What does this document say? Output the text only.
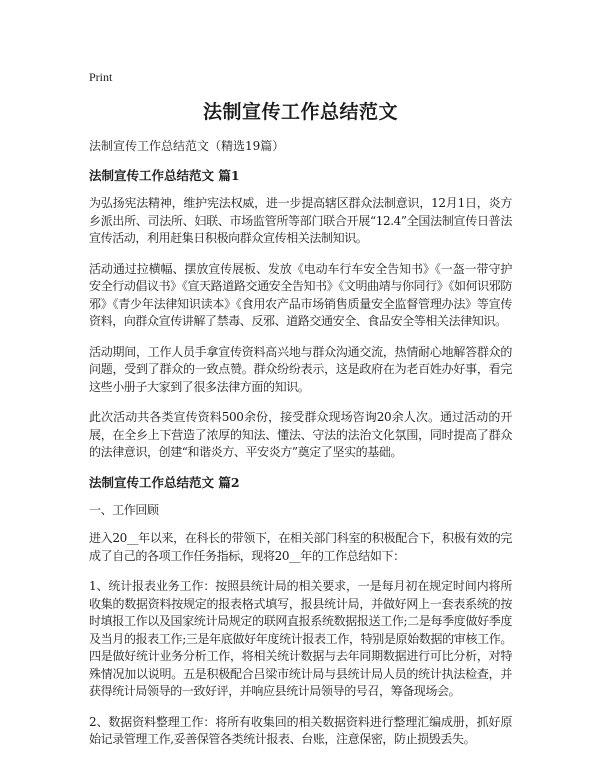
Print
法制宣传工作总结范文
法制宣传工作总结范文（精选19篇）
法制宣传工作总结范文 篇1

为弘扬宪法精神，维护宪法权威，进一步提高辖区群众法制意识，12月1日，炎方乡派出所、司法所、妇联、市场监管所等部门联合开展“12.4”全国法制宣传日普法宣传活动，利用赶集日积极向群众宣传相关法制知识。

活动通过拉横幅、摆放宣传展板、发放《电动车行车安全告知书》《一盔一带守护安全行动倡议书》《宣天路道路交通安全告知书》《文明曲靖与你同行》《如何识邪防邪》《青少年法律知识读本》《食用农产品市场销售质量安全监督管理办法》等宣传资料，向群众宣传讲解了禁毒、反邪、道路交通安全、食品安全等相关法律知识。

活动期间，工作人员手拿宣传资料高兴地与群众沟通交流，热情耐心地解答群众的问题，受到了群众的一致点赞。群众纷纷表示，这是政府在为老百姓办好事，看完这些小册子大家到了很多法律方面的知识。

此次活动共各类宣传资料500余份，接受群众现场咨询20余人次。通过活动的开展，在全乡上下营造了浓厚的知法、懂法、守法的法治文化氛围，同时提高了群众的法律意识，创建“和谐炎方、平安炎方”奠定了坚实的基础。

法制宣传工作总结范文 篇2

一、工作回顾

进入20__年以来，在科长的带领下，在相关部门科室的积极配合下，积极有效的完成了自己的各项工作任务指标，现将20__年的工作总结如下：

1、统计报表业务工作：按照县统计局的相关要求，一是每月初在规定时间内将所收集的数据资料按规定的报表格式填写，报县统计局，并做好网上一套表系统的按时填报工作以及国家统计局规定的联网直报系统数据报送工作;二是每季度做好季度及当月的报表工作;三是年底做好年度统计报表工作，特别是原始数据的审核工作。四是做好统计业务分析工作，将相关统计数据与去年同期数据进行可比分析，对特殊情况加以说明。五是积极配合吕梁市统计局与县统计局人员的统计执法检查，并获得统计局领导的一致好评，并响应县统计局领导的号召，筹备现场会。

2、数据资料整理工作：将所有收集回的相关数据资料进行整理汇编成册，抓好原始记录管理工作,妥善保管各类统计报表、台账，注意保密，防止损毁丢失。
